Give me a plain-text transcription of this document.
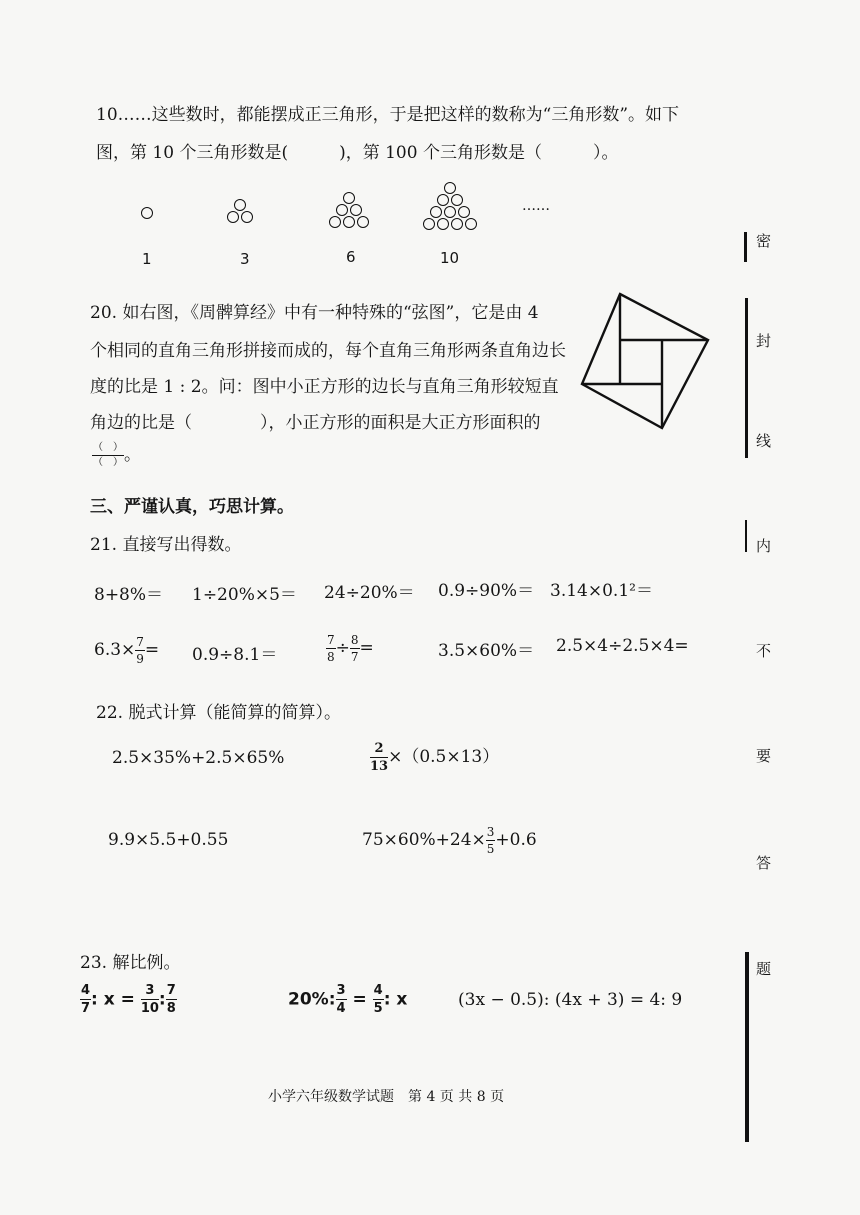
10……这些数时，都能摆成正三角形，于是把这样的数称为“三角形数”。如下
图，第 10 个三角形数是(　　　)，第 100 个三角形数是（　　　）。
……
1	3	6	10
20. 如右图，《周髀算经》中有一种特殊的“弦图”，它是由 4
个相同的直角三角形拼接而成的，每个直角三角形两条直角边长
度的比是 1 : 2。问：图中小正方形的边长与直角三角形较短直
角边的比是（　　　　），小正方形的面积是大正方形面积的
$\frac{( )}{( )}$ 。
三、严谨认真，巧思计算。
21. 直接写出得数。
8+8%＝ 1÷20%×5＝ 24÷20%＝ 0.9÷90%＝ 3.14×0.1²＝
$6.3\times \frac{7}{9} = 0.9\div 8.1=$	$\frac{7}{8} \div \frac{8}{7}$ =	3.5×60%＝ 2.5×4÷2.5×4=
22. 脱式计算（能简算的简算）。
2.5×35%+2.5×65%	$\frac{2}{13} \times(0.5\times 13)$
9.9×5.5+0.55	$75\times 60\%+24\times \frac{3}{5} +0.6$
23. 解比例。
$\frac{4}{7}$ : $x = \frac{3}{10}$ : $\frac{7}{8}$	20%: $\frac{3}{4} = \frac{4}{5}$ : x	(3x − 0.5): (4x + 3) = 4: 9
小学六年级数学试题　第 4 页 共 8 页
密
封
线
内
不
要
答
题
